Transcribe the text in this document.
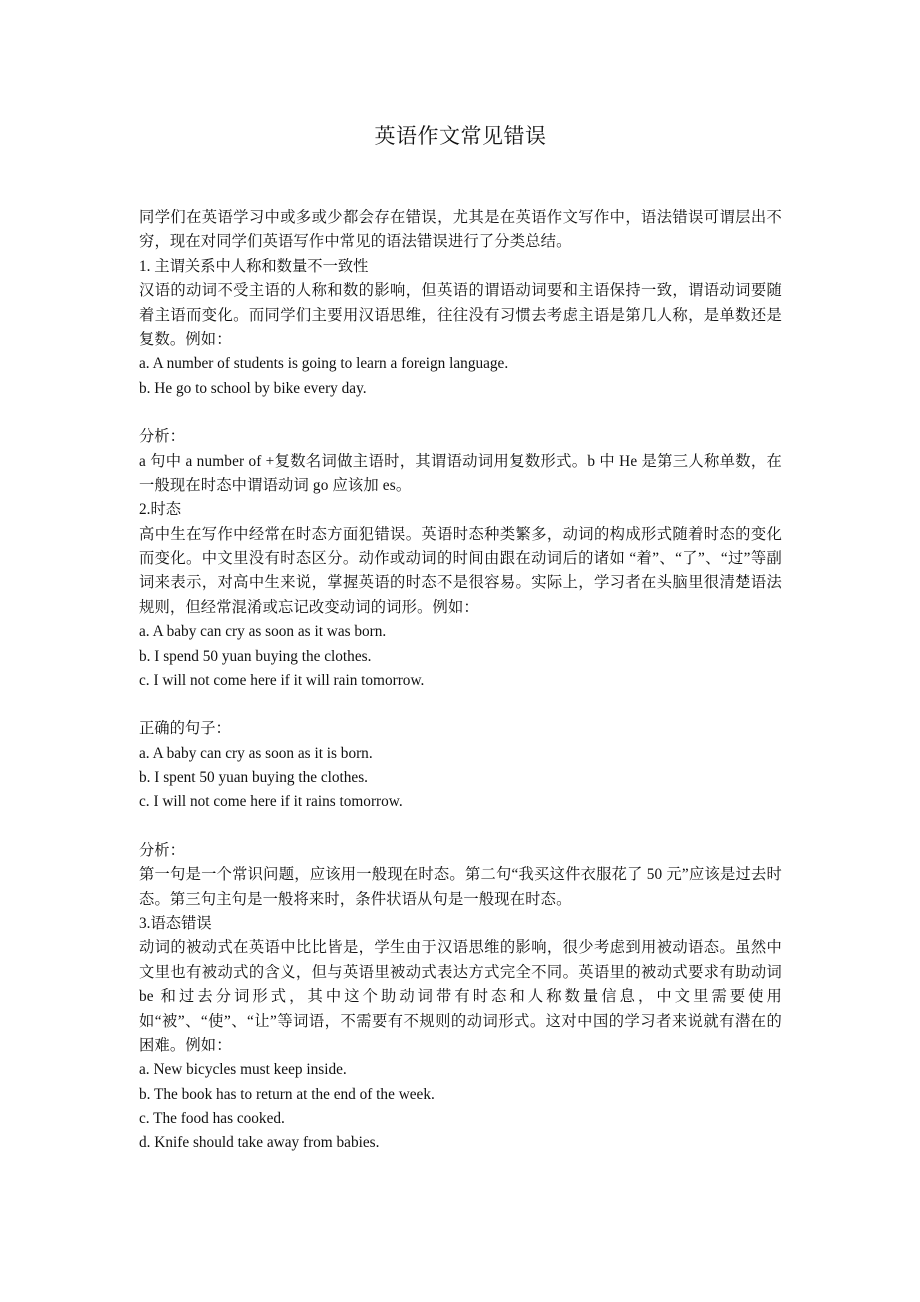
英语作文常见错误
同学们在英语学习中或多或少都会存在错误，尤其是在英语作文写作中，语法错误可谓层出不穷，现在对同学们英语写作中常见的语法错误进行了分类总结。
1. 主谓关系中人称和数量不一致性
汉语的动词不受主语的人称和数的影响，但英语的谓语动词要和主语保持一致，谓语动词要随着主语而变化。而同学们主要用汉语思维，往往没有习惯去考虑主语是第几人称，是单数还是复数。例如：
a. A number of students is going to learn a foreign language.
b. He go to school by bike every day.
分析：
a 句中 a number of +复数名词做主语时，其谓语动词用复数形式。b 中 He 是第三人称单数，在一般现在时态中谓语动词 go 应该加 es。
2.时态
高中生在写作中经常在时态方面犯错误。英语时态种类繁多，动词的构成形式随着时态的变化而变化。中文里没有时态区分。动作或动词的时间由跟在动词后的诸如 “着”、“了”、“过”等副词来表示，对高中生来说，掌握英语的时态不是很容易。实际上，学习者在头脑里很清楚语法规则，但经常混淆或忘记改变动词的词形。例如：
a. A baby can cry as soon as it was born.
b. I spend 50 yuan buying the clothes.
c. I will not come here if it will rain tomorrow.
正确的句子：
a. A baby can cry as soon as it is born.
b. I spent 50 yuan buying the clothes.
c. I will not come here if it rains tomorrow.
分析：
第一句是一个常识问题，应该用一般现在时态。第二句“我买这件衣服花了 50 元”应该是过去时态。第三句主句是一般将来时，条件状语从句是一般现在时态。
3.语态错误
动词的被动式在英语中比比皆是，学生由于汉语思维的影响，很少考虑到用被动语态。虽然中文里也有被动式的含义，但与英语里被动式表达方式完全不同。英语里的被动式要求有助动词 be 和过去分词形式，其中这个助动词带有时态和人称数量信息，中文里需要使用如“被”、“使”、“让”等词语，不需要有不规则的动词形式。这对中国的学习者来说就有潜在的困难。例如：
a. New bicycles must keep inside.
b. The book has to return at the end of the week.
c. The food has cooked.
d. Knife should take away from babies.
